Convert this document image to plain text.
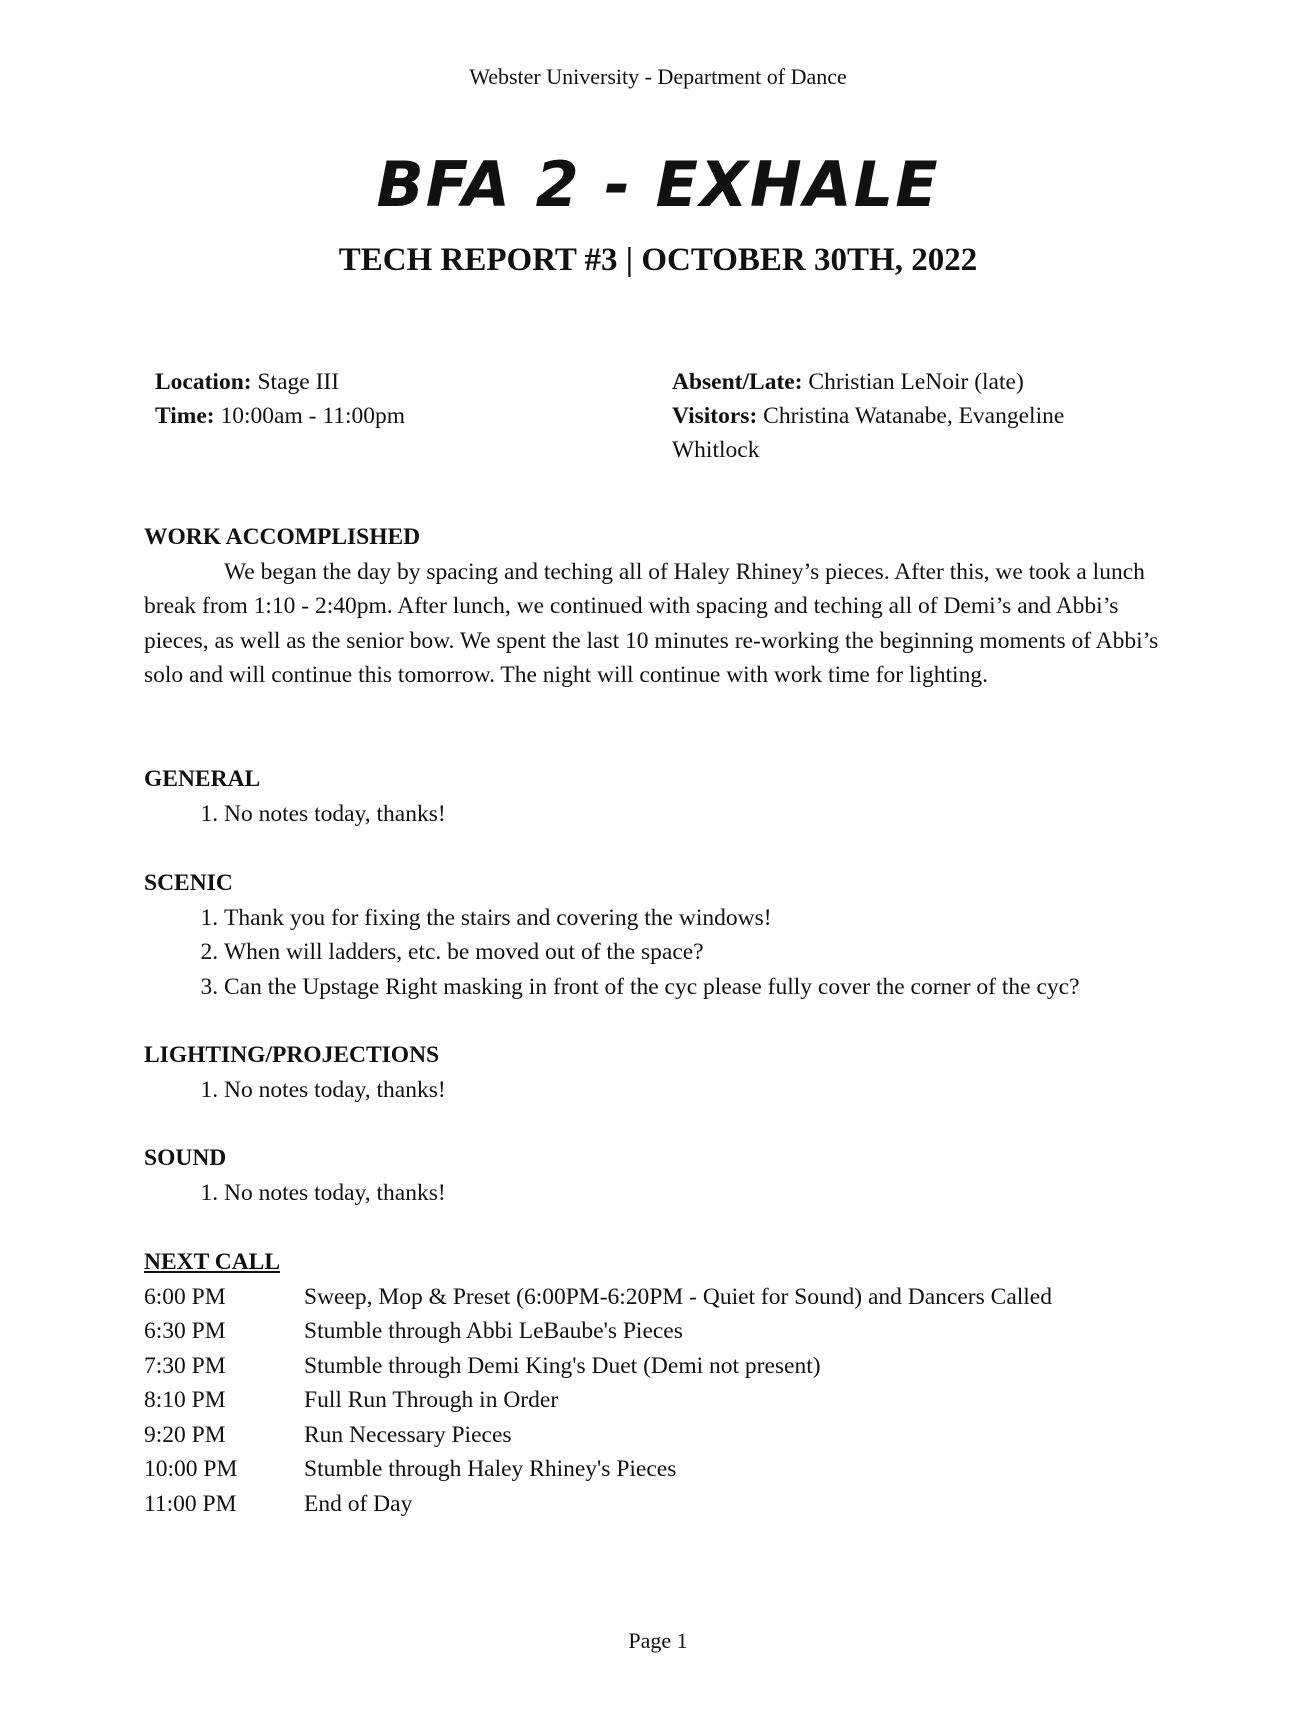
Webster University - Department of Dance
BFA 2 - EXHALE
TECH REPORT #3 | OCTOBER 30TH, 2022
Location: Stage III
Time: 10:00am - 11:00pm
Absent/Late: Christian LeNoir (late)
Visitors: Christina Watanabe, Evangeline Whitlock
WORK ACCOMPLISHED

We began the day by spacing and teching all of Haley Rhiney’s pieces. After this, we took a lunch break from 1:10 - 2:40pm. After lunch, we continued with spacing and teching all of Demi’s and Abbi’s pieces, as well as the senior bow. We spent the last 10 minutes re-working the beginning moments of Abbi’s solo and will continue this tomorrow. The night will continue with work time for lighting.

GENERAL
1. No notes today, thanks!
SCENIC
1. Thank you for fixing the stairs and covering the windows!
2. When will ladders, etc. be moved out of the space?
3. Can the Upstage Right masking in front of the cyc please fully cover the corner of the cyc?
LIGHTING/PROJECTIONS
1. No notes today, thanks!
SOUND
1. No notes today, thanks!
NEXT CALL
6:00 PM	Sweep, Mop & Preset (6:00PM-6:20PM - Quiet for Sound) and Dancers Called
6:30 PM	Stumble through Abbi LeBaube's Pieces
7:30 PM	Stumble through Demi King's Duet (Demi not present)
8:10 PM	Full Run Through in Order
9:20 PM	Run Necessary Pieces
10:00 PM	Stumble through Haley Rhiney's Pieces
11:00 PM	End of Day
Page 1
